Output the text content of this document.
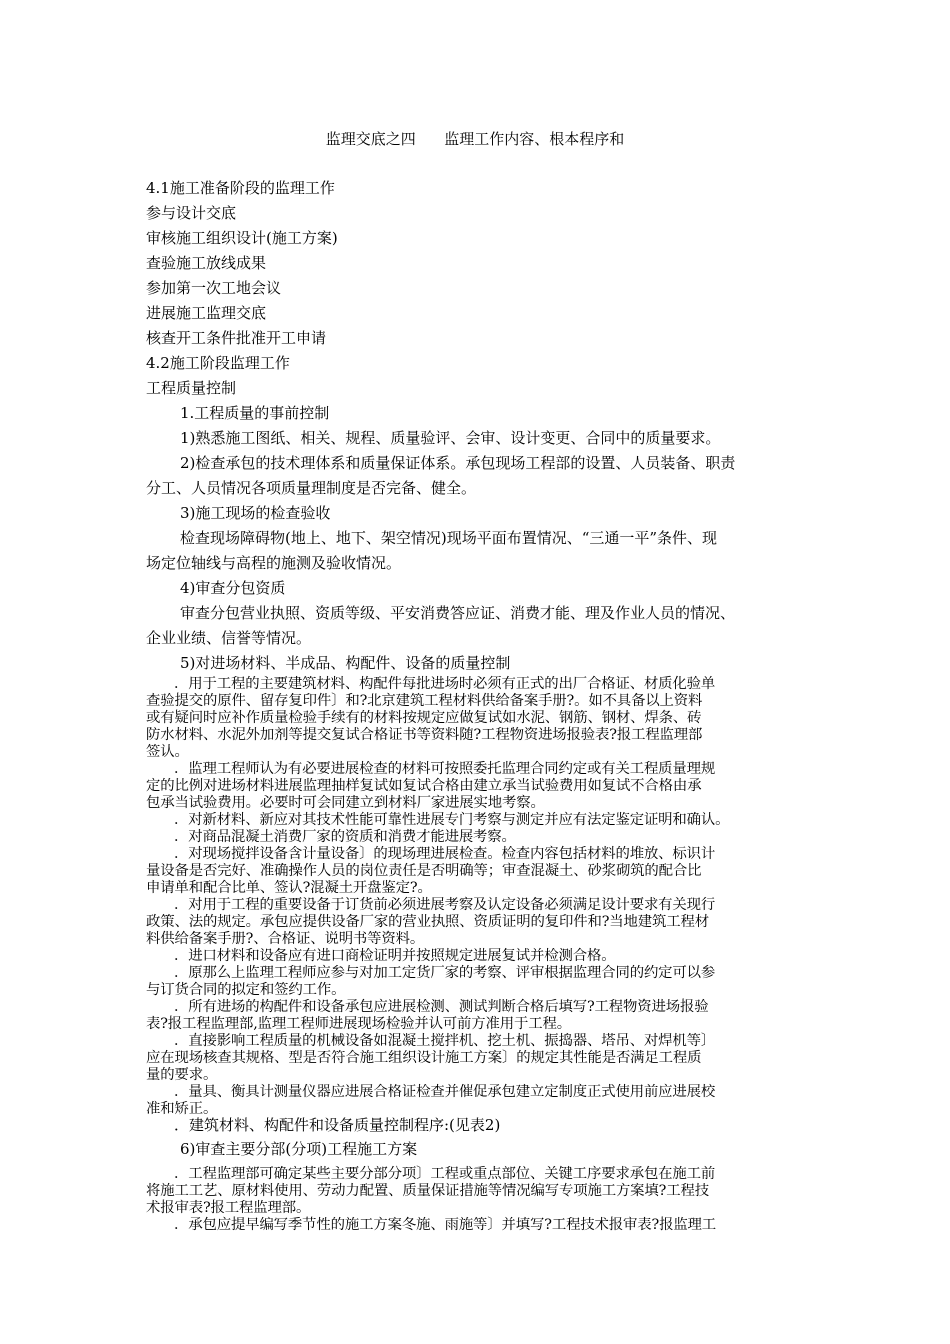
监理交底之四      监理工作内容、根本程序和
4.1施工准备阶段的监理工作
参与设计交底
审核施工组织设计(施工方案)
查验施工放线成果
参加第一次工地会议
进展施工监理交底
核查开工条件批准开工申请
4.2施工阶段监理工作
工程质量控制
1.工程质量的事前控制
1)熟悉施工图纸、相关、规程、质量验评、会审、设计变更、合同中的质量要求。
2)检查承包的技术理体系和质量保证体系。承包现场工程部的设置、人员装备、职责
分工、人员情况各项质量理制度是否完备、健全。
3)施工现场的检查验收
检查现场障碍物(地上、地下、架空情况)现场平面布置情况、“三通一平”条件、现
场定位轴线与高程的施测及验收情况。
4)审查分包资质
审查分包营业执照、资质等级、平安消费答应证、消费才能、理及作业人员的情况、
企业业绩、信誉等情况。
5)对进场材料、半成品、构配件、设备的质量控制
．用于工程的主要建筑材料、构配件每批进场时必须有正式的出厂合格证、材质化验单
查验提交的原件、留存复印件〕和?北京建筑工程材料供给备案手册?。如不具备以上资料
或有疑问时应补作质量检验手续有的材料按规定应做复试如水泥、钢筋、钢材、焊条、砖
防水材料、水泥外加剂等提交复试合格证书等资料随?工程物资进场报验表?报工程监理部
签认。
．监理工程师认为有必要进展检查的材料可按照委托监理合同约定或有关工程质量理规
定的比例对进场材料进展监理抽样复试如复试合格由建立承当试验费用如复试不合格由承
包承当试验费用。必要时可会同建立到材料厂家进展实地考察。
．对新材料、新应对其技术性能可靠性进展专门考察与测定并应有法定鉴定证明和确认。
．对商品混凝土消费厂家的资质和消费才能进展考察。
．对现场搅拌设备含计量设备〕的现场理进展检查。检查内容包括材料的堆放、标识计
量设备是否完好、准确操作人员的岗位责任是否明确等；审查混凝土、砂浆砌筑的配合比
申请单和配合比单、签认?混凝土开盘鉴定?。
．对用于工程的重要设备于订货前必须进展考察及认定设备必须满足设计要求有关现行
政策、法的规定。承包应提供设备厂家的营业执照、资质证明的复印件和?当地建筑工程材
料供给备案手册?、合格证、说明书等资料。
．进口材料和设备应有进口商检证明并按照规定进展复试并检测合格。
．原那么上监理工程师应参与对加工定货厂家的考察、评审根据监理合同的约定可以参
与订货合同的拟定和签约工作。
．所有进场的构配件和设备承包应进展检测、测试判断合格后填写?工程物资进场报验
表?报工程监理部,监理工程师进展现场检验并认可前方准用于工程。
．直接影响工程质量的机械设备如混凝土搅拌机、挖土机、振捣器、塔吊、对焊机等〕
应在现场核查其规格、型是否符合施工组织设计施工方案〕的规定其性能是否满足工程质
量的要求。
．量具、衡具计测量仪器应进展合格证检查并催促承包建立定制度正式使用前应进展校
准和矫正。
．建筑材料、构配件和设备质量控制程序:(见表2)
6)审查主要分部(分项)工程施工方案
．工程监理部可确定某些主要分部分项〕工程或重点部位、关键工序要求承包在施工前
将施工工艺、原材料使用、劳动力配置、质量保证措施等情况编写专项施工方案填?工程技
术报审表?报工程监理部。
．承包应提早编写季节性的施工方案冬施、雨施等〕并填写?工程技术报审表?报监理工
